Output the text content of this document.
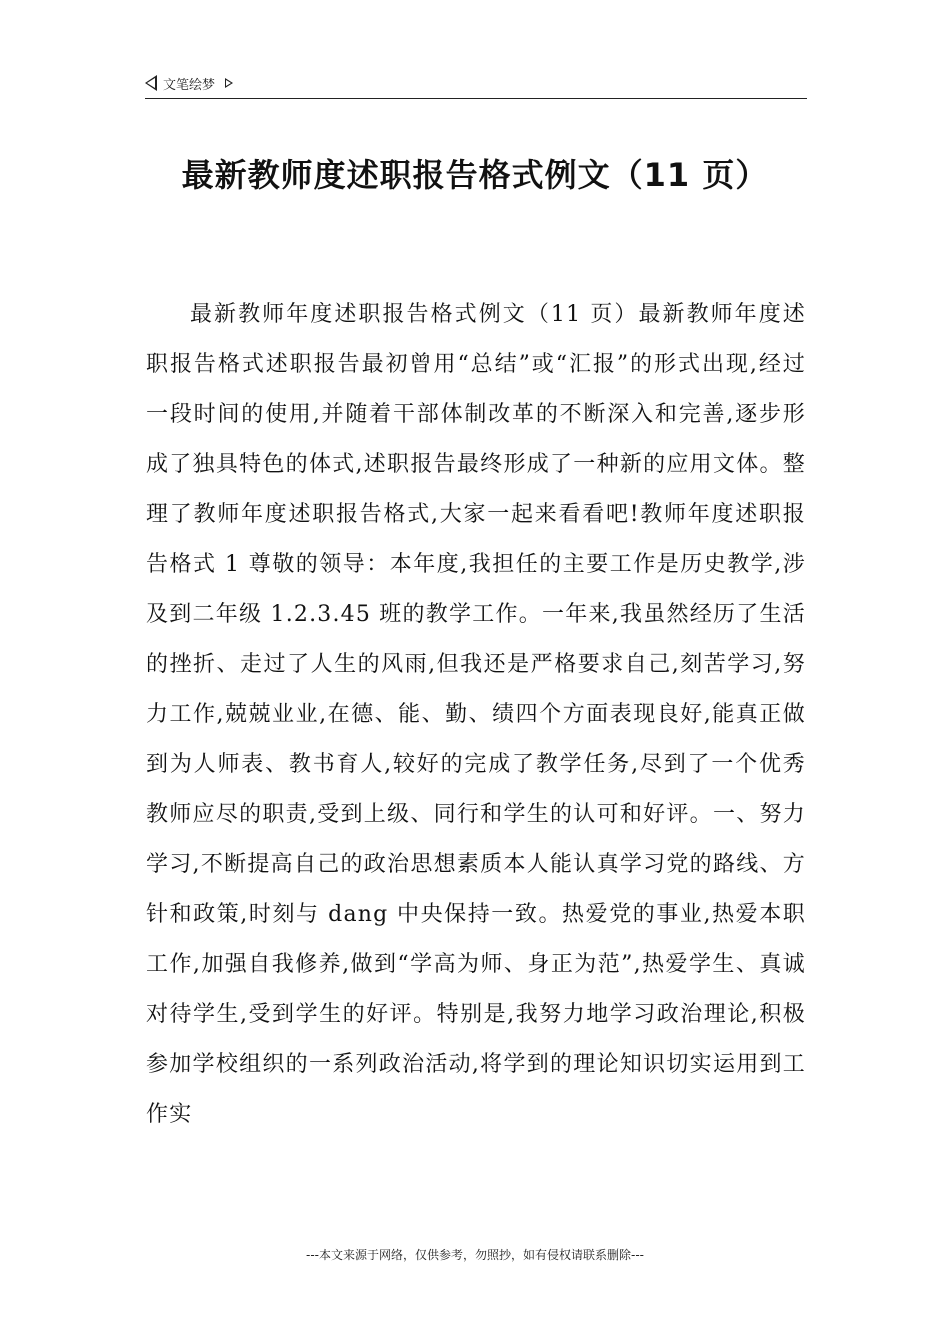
文笔绘梦
最新教师度述职报告格式例文（11 页）
最新教师年度述职报告格式例文（11 页）最新教师年度述职报告格式述职报告最初曾用“总结”或“汇报”的形式出现,经过一段时间的使用,并随着干部体制改革的不断深入和完善,逐步形成了独具特色的体式,述职报告最终形成了一种新的应用文体。整理了教师年度述职报告格式,大家一起来看看吧!教师年度述职报告格式 1 尊敬的领导：本年度,我担任的主要工作是历史教学,涉及到二年级 1.2.3.45 班的教学工作。一年来,我虽然经历了生活的挫折、走过了人生的风雨,但我还是严格要求自己,刻苦学习,努力工作,兢兢业业,在德、能、勤、绩四个方面表现良好,能真正做到为人师表、教书育人,较好的完成了教学任务,尽到了一个优秀教师应尽的职责,受到上级、同行和学生的认可和好评。一、努力学习,不断提高自己的政治思想素质本人能认真学习党的路线、方针和政策,时刻与 dang 中央保持一致。热爱党的事业,热爱本职工作,加强自我修养,做到“学高为师、身正为范”,热爱学生、真诚对待学生,受到学生的好评。特别是,我努力地学习政治理论,积极参加学校组织的一系列政治活动,将学到的理论知识切实运用到工作实
---本文来源于网络，仅供参考，勿照抄，如有侵权请联系删除---
